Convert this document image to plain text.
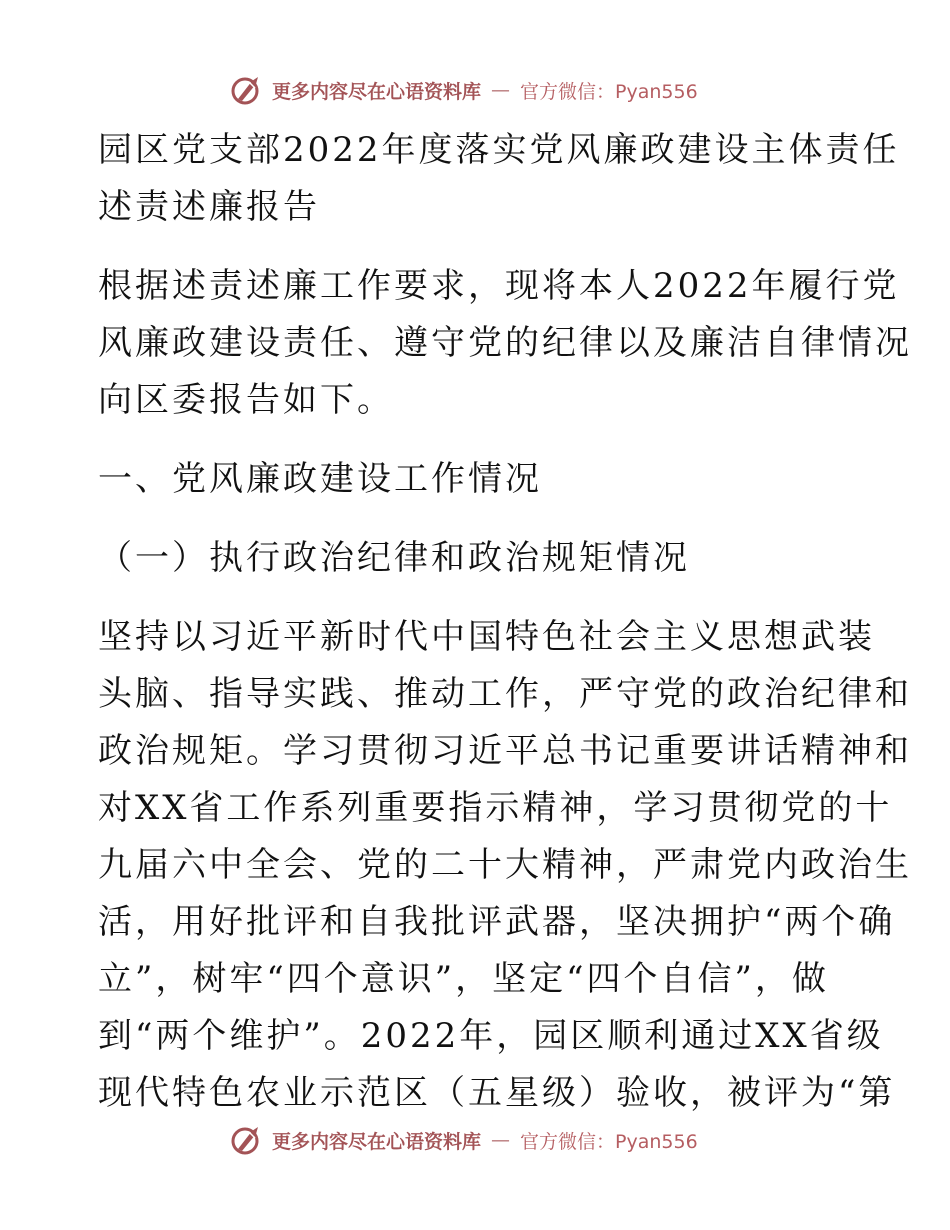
更多内容尽在心语资料库 — 官方微信：Pyan556
园区党支部2022年度落实党风廉政建设主体责任
述责述廉报告
根据述责述廉工作要求，现将本人2022年履行党
风廉政建设责任、遵守党的纪律以及廉洁自律情况
向区委报告如下。
一、党风廉政建设工作情况
（一）执行政治纪律和政治规矩情况
坚持以习近平新时代中国特色社会主义思想武装
头脑、指导实践、推动工作，严守党的政治纪律和
政治规矩。学习贯彻习近平总书记重要讲话精神和
对XX省工作系列重要指示精神，学习贯彻党的十
九届六中全会、党的二十大精神，严肃党内政治生
活，用好批评和自我批评武器，坚决拥护“两个确
立”，树牢“四个意识”，坚定“四个自信”，做
到“两个维护”。2022年，园区顺利通过XX省级
现代特色农业示范区（五星级）验收，被评为“第
更多内容尽在心语资料库 — 官方微信：Pyan556
